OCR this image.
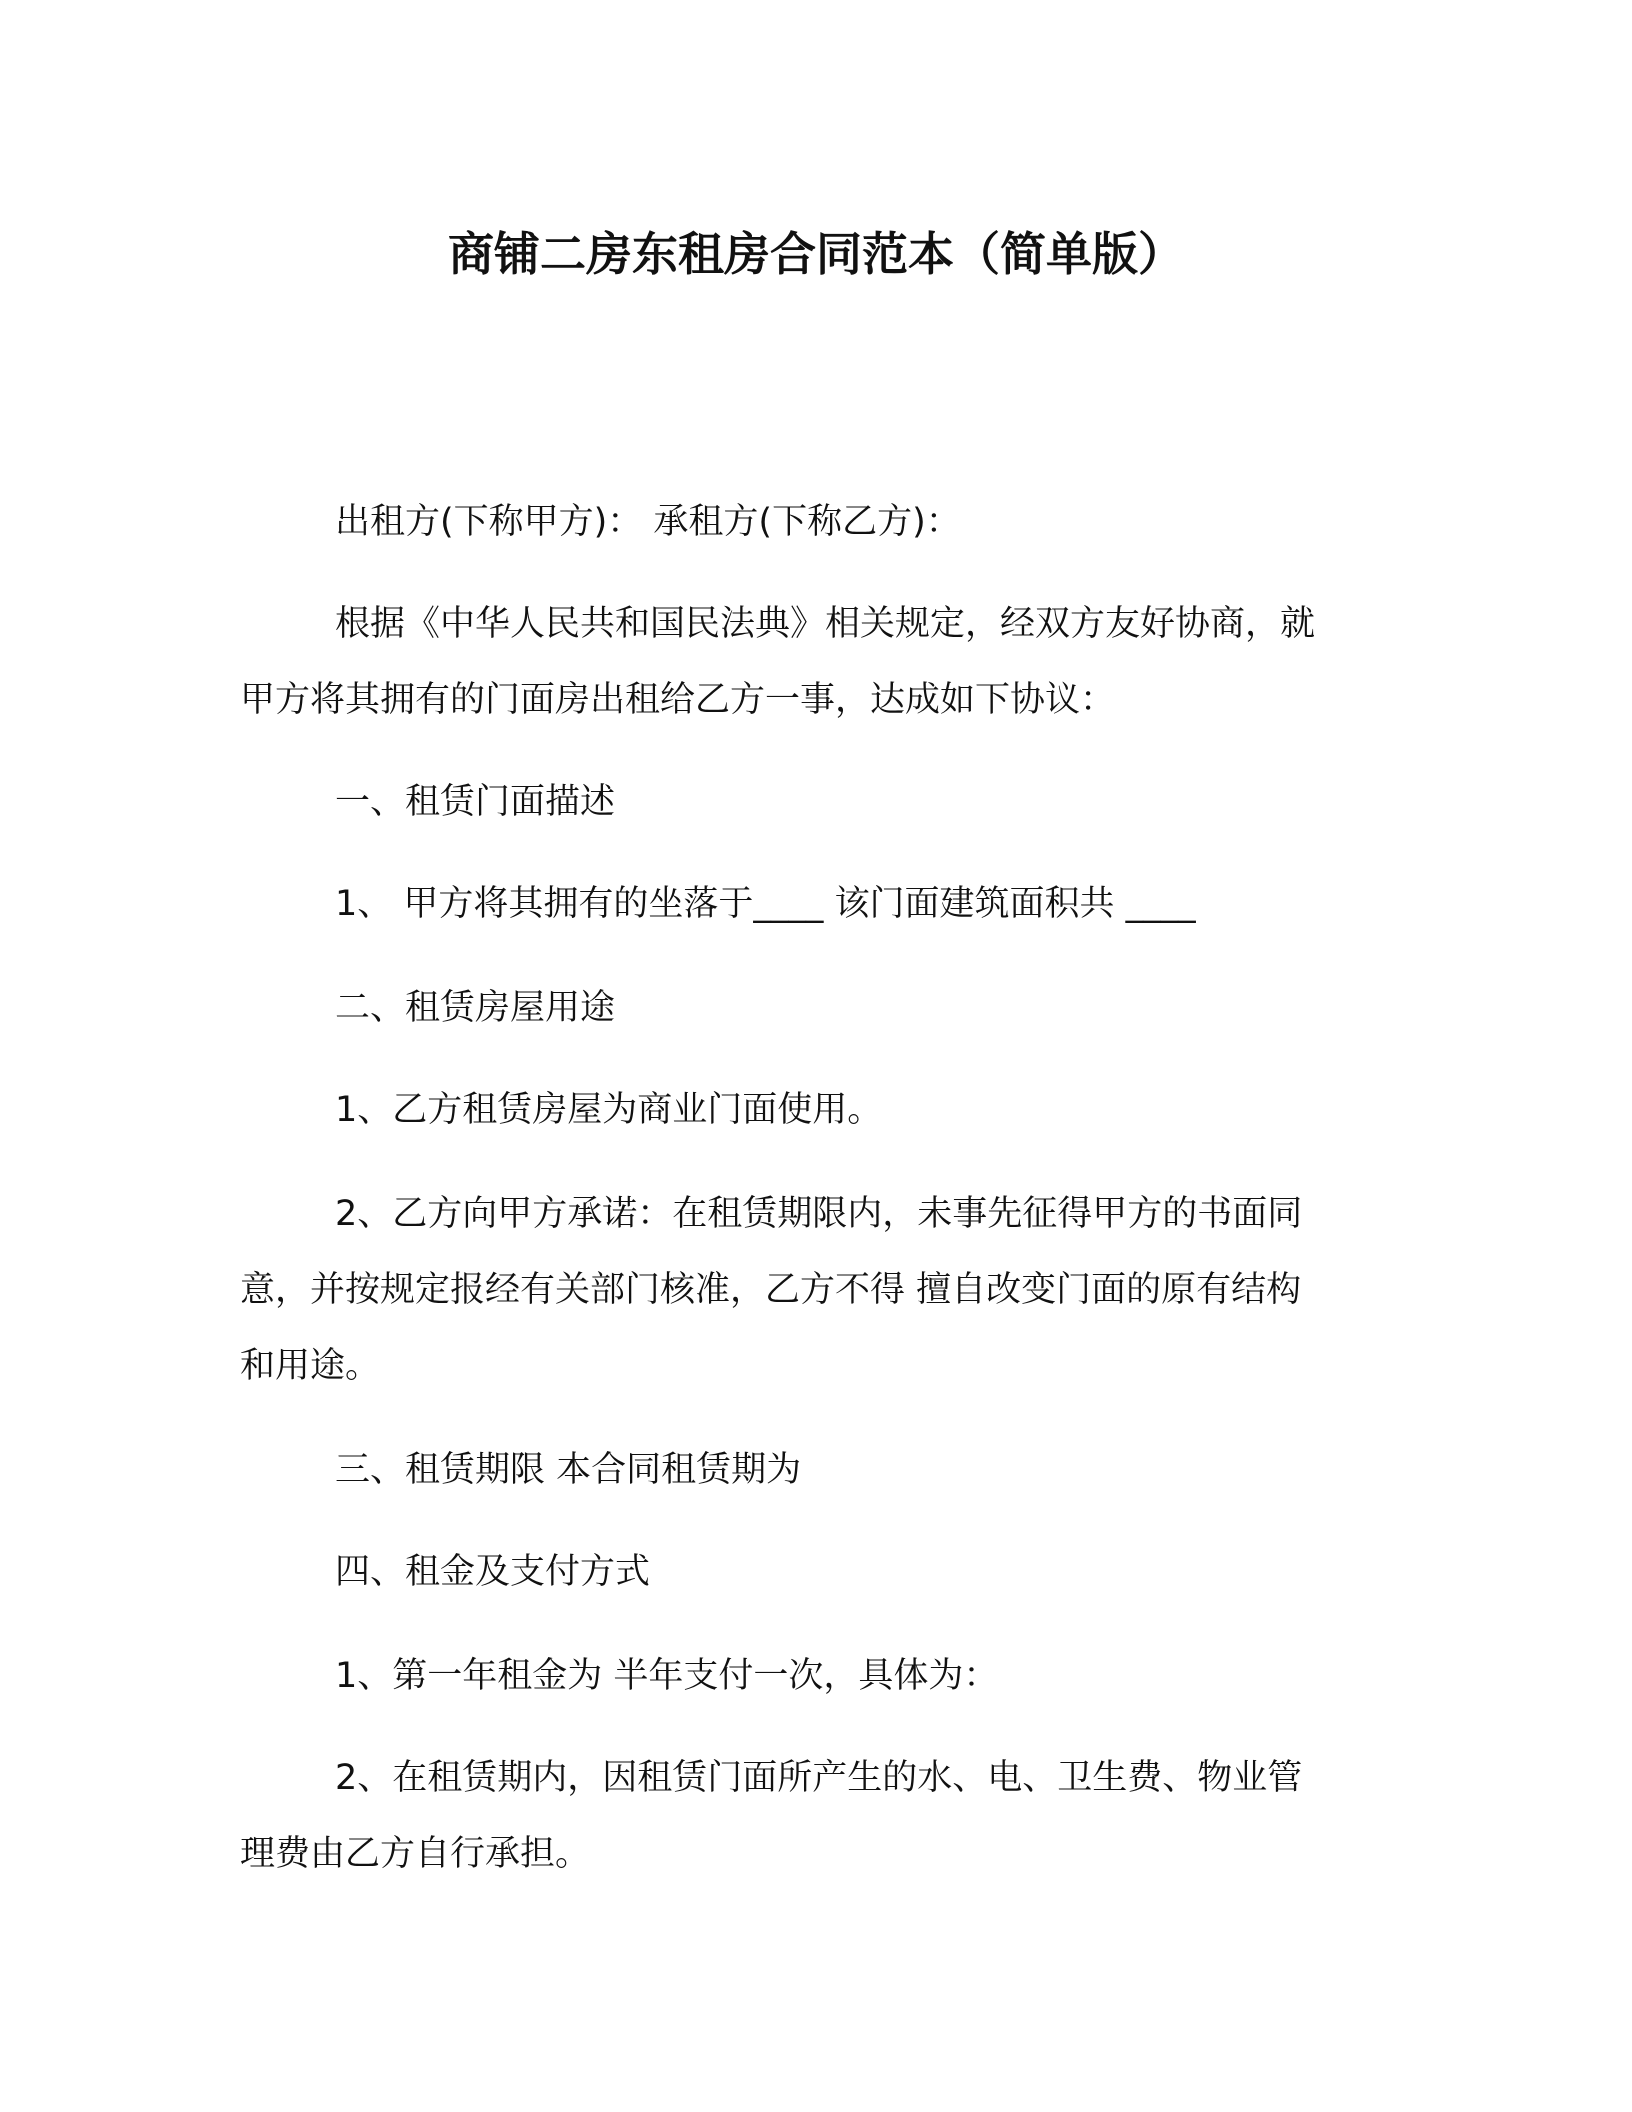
商铺二房东租房合同范本（简单版）
出租方(下称甲方)： 承租方(下称乙方)：
根据《中华人民共和国民法典》相关规定，经双方友好协商，就
甲方将其拥有的门面房出租给乙方一事，达成如下协议：
一、租赁门面描述
1、 甲方将其拥有的坐落于____ 该门面建筑面积共 ____
二、租赁房屋用途
1、乙方租赁房屋为商业门面使用。
2、乙方向甲方承诺：在租赁期限内，未事先征得甲方的书面同
意，并按规定报经有关部门核准，乙方不得 擅自改变门面的原有结构
和用途。
三、租赁期限 本合同租赁期为
四、租金及支付方式
1、第一年租金为 半年支付一次，具体为：
2、在租赁期内，因租赁门面所产生的水、电、卫生费、物业管
理费由乙方自行承担。
